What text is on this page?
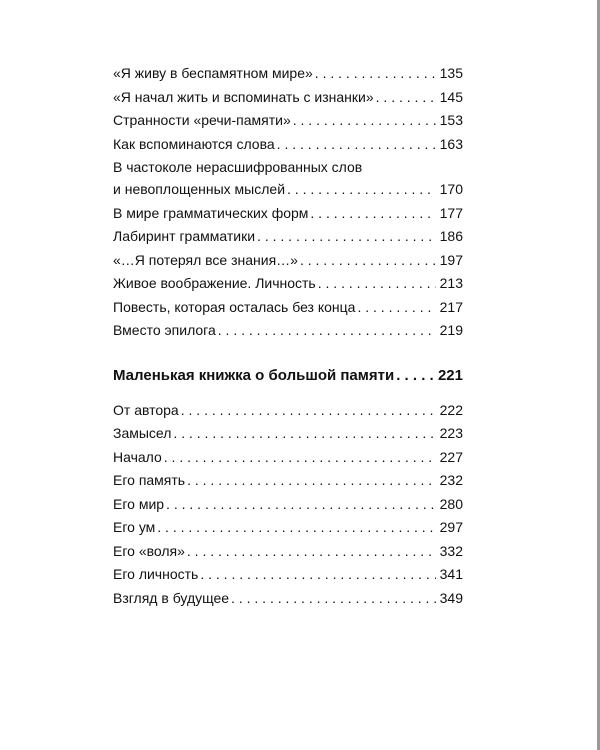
«Я живу в беспамятном мире» . . .	135
«Я начал жить и вспоминать с изнанки» . . .	145
Странности «речи-памяти» . . .	153
Как вспоминаются слова . . .	163
В частоколе нерасшифрованных слов
и невоплощенных мыслей . . .	170
В мире грамматических форм . . .	177
Лабиринт грамматики . . .	186
«…Я потерял все знания…» . . .	197
Живое воображение. Личность . . .	213
Повесть, которая осталась без конца . . .	217
Вместо эпилога . . .	219
Маленькая книжка о большой памяти . . .	221
От автора . . .	222
Замысел . . .	223
Начало . . .	227
Его память . . .	232
Его мир . . .	280
Его ум . . .	297
Его «воля» . . .	332
Его личность . . .	341
Взгляд в будущее . . .	349
